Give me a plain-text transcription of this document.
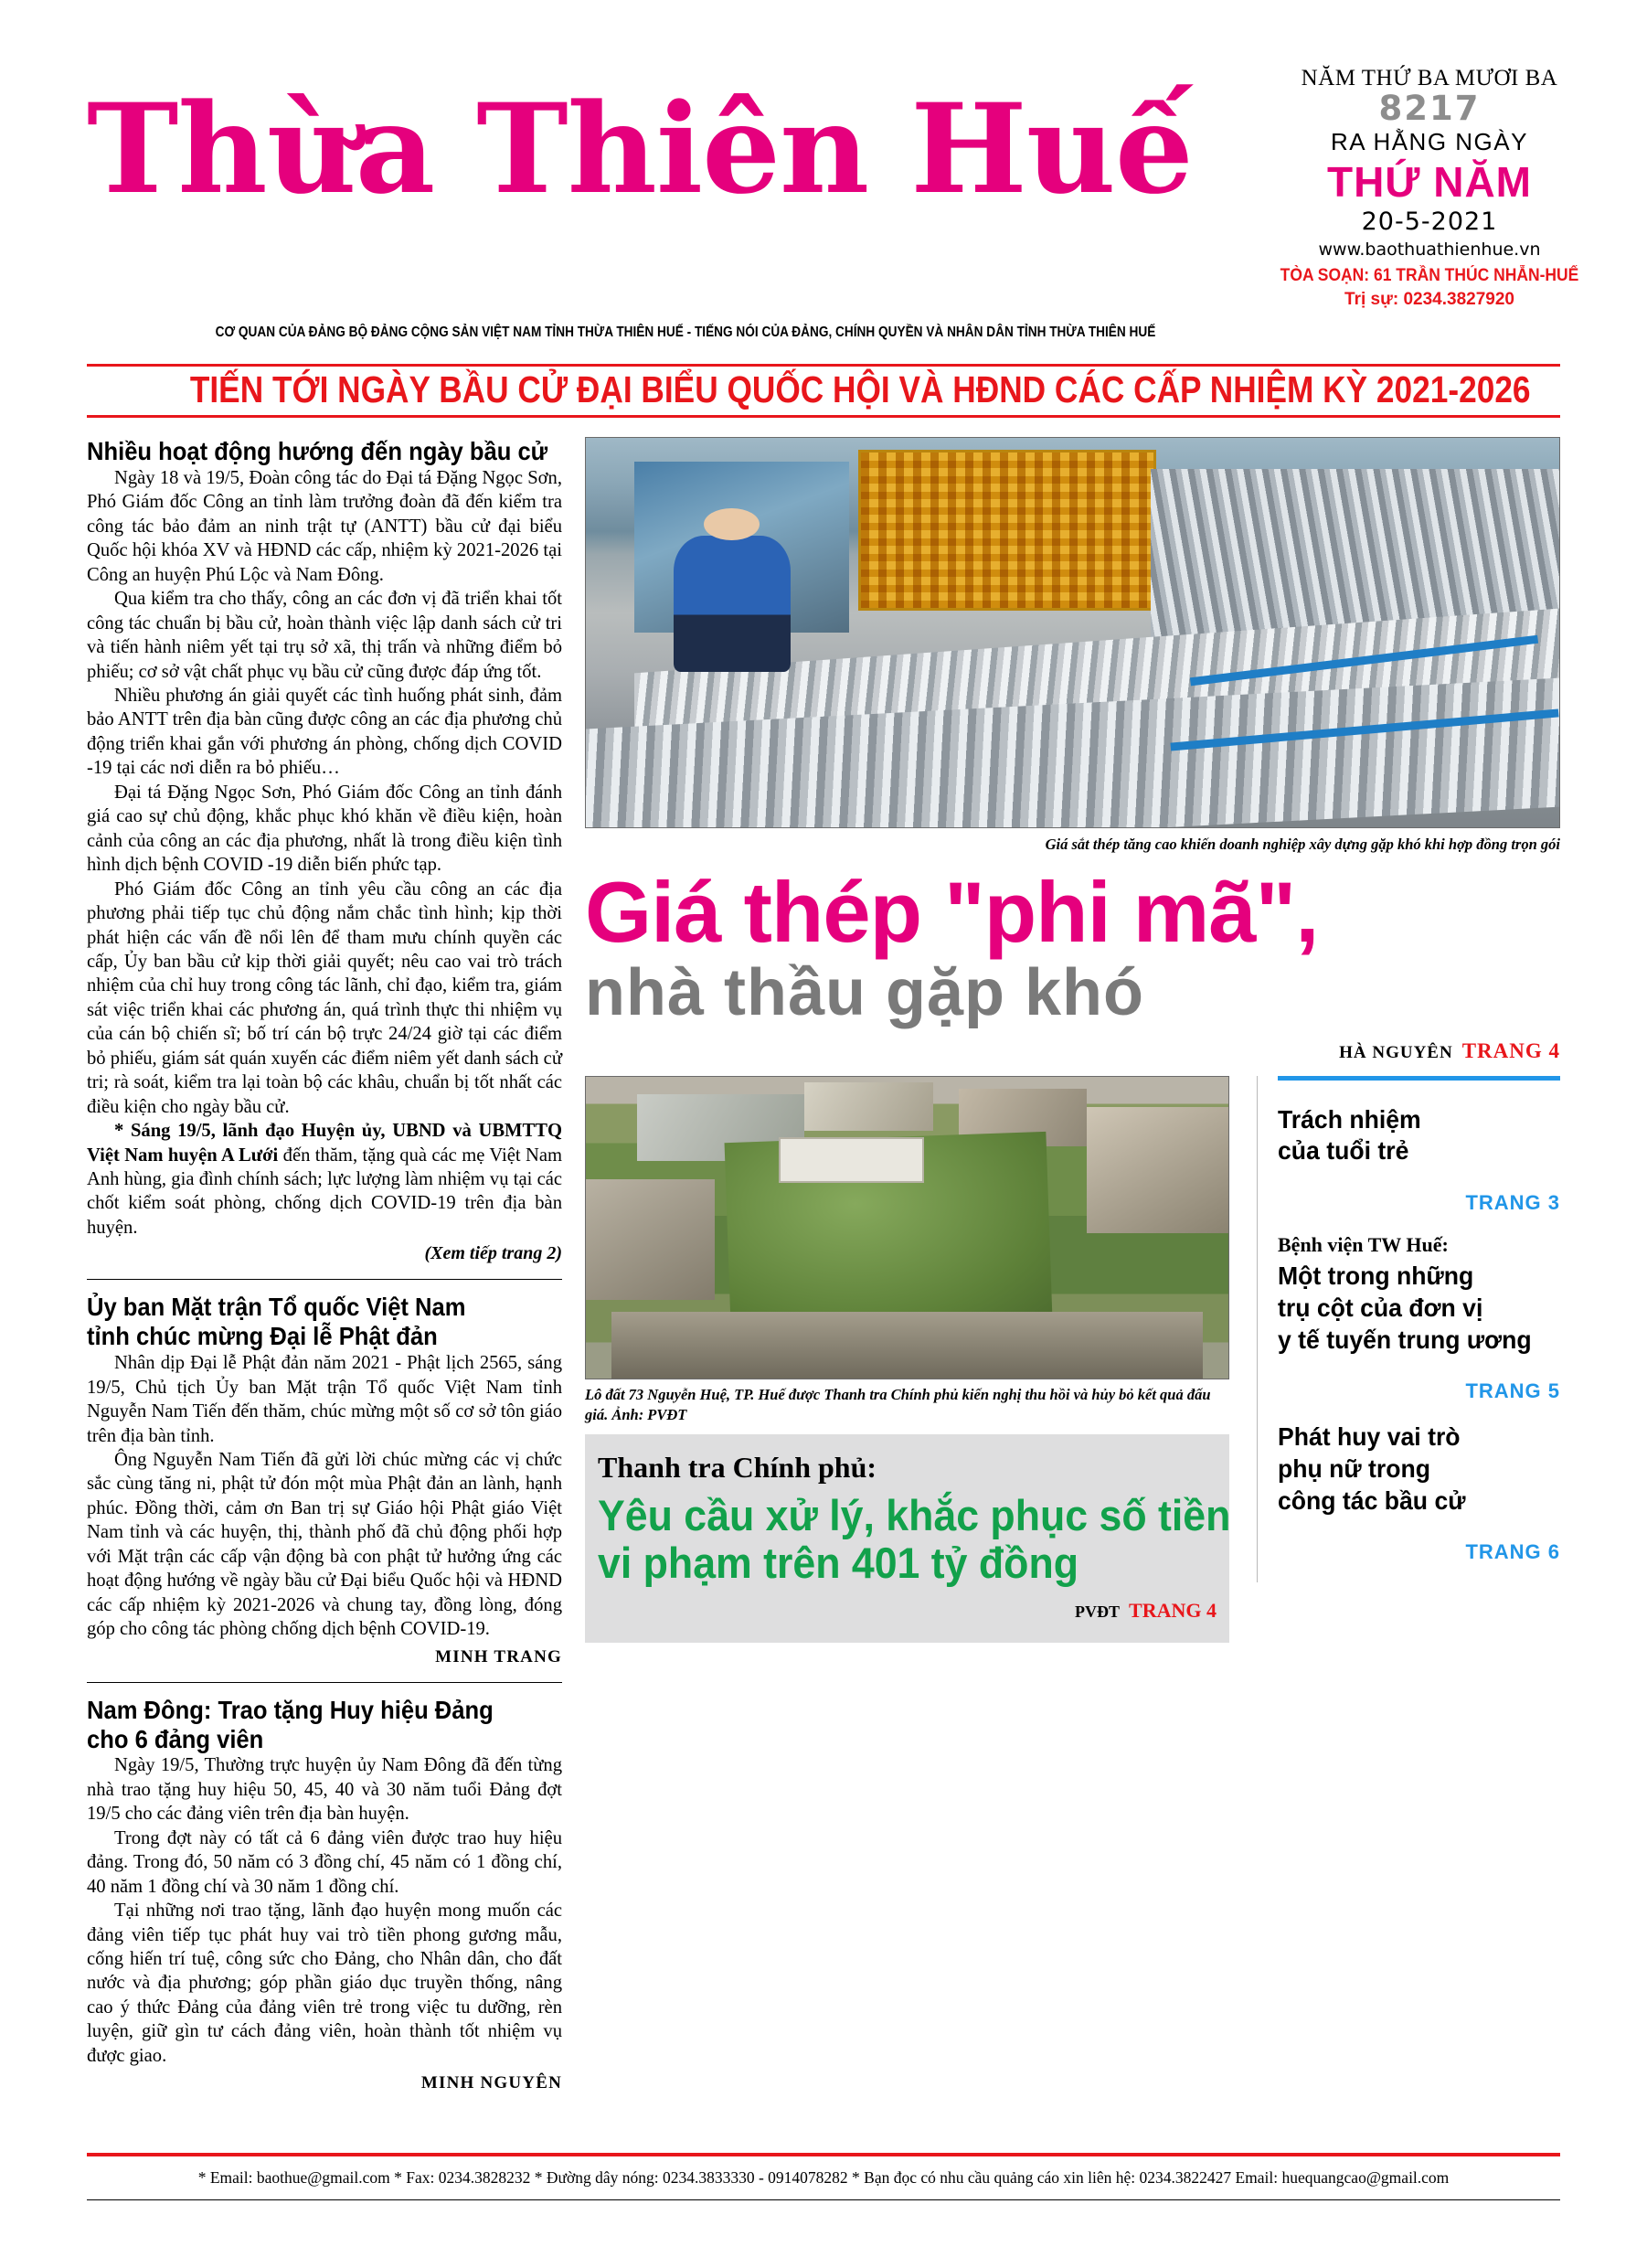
Thừa Thiên Huế
CƠ QUAN CỦA ĐẢNG BỘ ĐẢNG CỘNG SẢN VIỆT NAM TỈNH THỪA THIÊN HUẾ - TIẾNG NÓI CỦA ĐẢNG, CHÍNH QUYỀN VÀ NHÂN DÂN TỈNH THỪA THIÊN HUẾ
NĂM THỨ BA MƯƠI BA
8217
RA HẰNG NGÀY
THỨ NĂM
20-5-2021
www.baothuathienhue.vn
TÒA SOẠN: 61 TRẦN THÚC NHẪN-HUẾ
Trị sự: 0234.3827920
TIẾN TỚI NGÀY BẦU CỬ ĐẠI BIỂU QUỐC HỘI VÀ HĐND CÁC CẤP NHIỆM KỲ 2021-2026
Nhiều hoạt động hướng đến ngày bầu cử

Ngày 18 và 19/5, Đoàn công tác do Đại tá Đặng Ngọc Sơn, Phó Giám đốc Công an tỉnh làm trưởng đoàn đã đến kiểm tra công tác bảo đảm an ninh trật tự (ANTT) bầu cử đại biểu Quốc hội khóa XV và HĐND các cấp, nhiệm kỳ 2021-2026 tại Công an huyện Phú Lộc và Nam Đông.

Qua kiểm tra cho thấy, công an các đơn vị đã triển khai tốt công tác chuẩn bị bầu cử, hoàn thành việc lập danh sách cử tri và tiến hành niêm yết tại trụ sở xã, thị trấn và những điểm bỏ phiếu; cơ sở vật chất phục vụ bầu cử cũng được đáp ứng tốt.

Nhiều phương án giải quyết các tình huống phát sinh, đảm bảo ANTT trên địa bàn cũng được công an các địa phương chủ động triển khai gắn với phương án phòng, chống dịch COVID -19 tại các nơi diễn ra bỏ phiếu…

Đại tá Đặng Ngọc Sơn, Phó Giám đốc Công an tỉnh đánh giá cao sự chủ động, khắc phục khó khăn về điều kiện, hoàn cảnh của công an các địa phương, nhất là trong điều kiện tình hình dịch bệnh COVID -19 diễn biến phức tạp.

Phó Giám đốc Công an tỉnh yêu cầu công an các địa phương phải tiếp tục chủ động nắm chắc tình hình; kịp thời phát hiện các vấn đề nổi lên để tham mưu chính quyền các cấp, Ủy ban bầu cử kịp thời giải quyết; nêu cao vai trò trách nhiệm của chỉ huy trong công tác lãnh, chỉ đạo, kiểm tra, giám sát việc triển khai các phương án, quá trình thực thi nhiệm vụ của cán bộ chiến sĩ; bố trí cán bộ trực 24/24 giờ tại các điểm bỏ phiếu, giám sát quán xuyến các điểm niêm yết danh sách cử tri; rà soát, kiểm tra lại toàn bộ các khâu, chuẩn bị tốt nhất các điều kiện cho ngày bầu cử.

* Sáng 19/5, lãnh đạo Huyện ủy, UBND và UBMTTQ Việt Nam huyện A Lưới đến thăm, tặng quà các mẹ Việt Nam Anh hùng, gia đình chính sách; lực lượng làm nhiệm vụ tại các chốt kiểm soát phòng, chống dịch COVID-19 trên địa bàn huyện.

(Xem tiếp trang 2)
Ủy ban Mặt trận Tổ quốc Việt Nam
tỉnh chúc mừng Đại lễ Phật đản

Nhân dịp Đại lễ Phật đản năm 2021 - Phật lịch 2565, sáng 19/5, Chủ tịch Ủy ban Mặt trận Tổ quốc Việt Nam tỉnh Nguyễn Nam Tiến đến thăm, chúc mừng một số cơ sở tôn giáo trên địa bàn tỉnh.

Ông Nguyễn Nam Tiến đã gửi lời chúc mừng các vị chức sắc cùng tăng ni, phật tử đón một mùa Phật đản an lành, hạnh phúc. Đồng thời, cảm ơn Ban trị sự Giáo hội Phật giáo Việt Nam tỉnh và các huyện, thị, thành phố đã chủ động phối hợp với Mặt trận các cấp vận động bà con phật tử hưởng ứng các hoạt động hướng về ngày bầu cử Đại biểu Quốc hội và HĐND các cấp nhiệm kỳ 2021-2026 và chung tay, đồng lòng, đóng góp cho công tác phòng chống dịch bệnh COVID-19.

MINH TRANG
Nam Đông: Trao tặng Huy hiệu Đảng
cho 6 đảng viên

Ngày 19/5, Thường trực huyện ủy Nam Đông đã đến từng nhà trao tặng huy hiệu 50, 45, 40 và 30 năm tuổi Đảng đợt 19/5 cho các đảng viên trên địa bàn huyện.

Trong đợt này có tất cả 6 đảng viên được trao huy hiệu đảng. Trong đó, 50 năm có 3 đồng chí, 45 năm có 1 đồng chí, 40 năm 1 đồng chí và 30 năm 1 đồng chí.

Tại những nơi trao tặng, lãnh đạo huyện mong muốn các đảng viên tiếp tục phát huy vai trò tiền phong gương mẫu, cống hiến trí tuệ, công sức cho Đảng, cho Nhân dân, cho đất nước và địa phương; góp phần giáo dục truyền thống, nâng cao ý thức Đảng của đảng viên trẻ trong việc tu dưỡng, rèn luyện, giữ gìn tư cách đảng viên, hoàn thành tốt nhiệm vụ được giao.

MINH NGUYÊN
Giá sắt thép tăng cao khiến doanh nghiệp xây dựng gặp khó khi hợp đồng trọn gói
Giá thép "phi mã",
nhà thầu gặp khó
HÀ NGUYÊN TRANG 4
Lô đất 73 Nguyễn Huệ, TP. Huế được Thanh tra Chính phủ kiến nghị thu hồi và hủy bỏ kết quả đấu giá. Ảnh: PVĐT
Thanh tra Chính phủ:
Yêu cầu xử lý, khắc phục số tiền
vi phạm trên 401 tỷ đồng
PVĐT TRANG 4
Trách nhiệm
của tuổi trẻ
TRANG 3
Bệnh viện TW Huế:
Một trong những
trụ cột của đơn vị
y tế tuyến trung ương
TRANG 5
Phát huy vai trò
phụ nữ trong
công tác bầu cử
TRANG 6
* Email: baothue@gmail.com * Fax: 0234.3828232 * Đường dây nóng: 0234.3833330 - 0914078282 * Bạn đọc có nhu cầu quảng cáo xin liên hệ: 0234.3822427 Email: huequangcao@gmail.com
